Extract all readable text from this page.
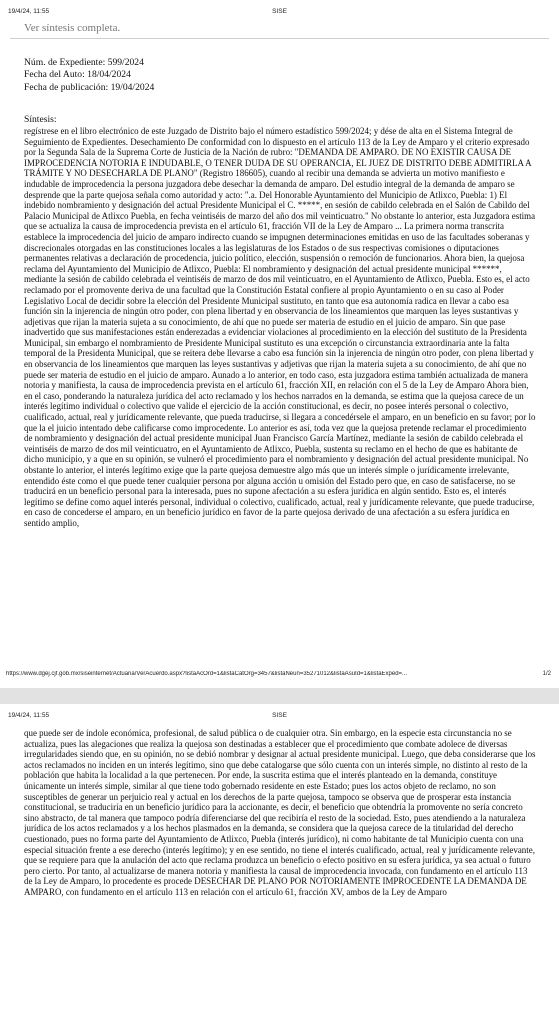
19/4/24, 11:55	SISE
Ver síntesis completa.
Núm. de Expediente: 599/2024
Fecha del Auto: 18/04/2024
Fecha de publicación: 19/04/2024
Síntesis:
regístrese en el libro electrónico de este Juzgado de Distrito bajo el número estadístico 599/2024; y dése de alta en el Sistema Integral de Seguimiento de Expedientes. Desechamiento De conformidad con lo dispuesto en el artículo 113 de la Ley de Amparo y el criterio expresado por la Segunda Sala de la Suprema Corte de Justicia de la Nación de rubro: "DEMANDA DE AMPARO. DE NO EXISTIR CAUSA DE IMPROCEDENCIA NOTORIA E INDUDABLE, O TENER DUDA DE SU OPERANCIA, EL JUEZ DE DISTRITO DEBE ADMITIRLA A TRÁMITE Y NO DESECHARLA DE PLANO" (Registro 186605), cuando al recibir una demanda se advierta un motivo manifiesto e indudable de improcedencia la persona juzgadora debe desechar la demanda de amparo. Del estudio integral de la demanda de amparo se desprende que la parte quejosa señala como autoridad y acto: ".a. Del Honorable Ayuntamiento del Municipio de Atlixco, Puebla: 1) El indebido nombramiento y designación del actual Presidente Municipal el C. *****, en sesión de cabildo celebrada en el Salón de Cabildo del Palacio Municipal de Atlixco Puebla, en fecha veintiséis de marzo del año dos mil veinticuatro." No obstante lo anterior, esta Juzgadora estima que se actualiza la causa de improcedencia prevista en el artículo 61, fracción VII de la Ley de Amparo ... La primera norma transcrita establece la improcedencia del juicio de amparo indirecto cuando se impugnen determinaciones emitidas en uso de las facultades soberanas y discrecionales otorgadas en las constituciones locales a las legislaturas de los Estados o de sus respectivas comisiones o diputaciones permanentes relativas a declaración de procedencia, juicio político, elección, suspensión o remoción de funcionarios. Ahora bien, la quejosa reclama del Ayuntamiento del Municipio de Atlixco, Puebla: El nombramiento y designación del actual presidente municipal ******, mediante la sesión de cabildo celebrada el veintiséis de marzo de dos mil veinticuatro, en el Ayuntamiento de Atlixco, Puebla. Esto es, el acto reclamado por el promovente deriva de una facultad que la Constitución Estatal confiere al propio Ayuntamiento o en su caso al Poder Legislativo Local de decidir sobre la elección del Presidente Municipal sustituto, en tanto que esa autonomía radica en llevar a cabo esa función sin la injerencia de ningún otro poder, con plena libertad y en observancia de los lineamientos que marquen las leyes sustantivas y adjetivas que rijan la materia sujeta a su conocimiento, de ahí que no puede ser materia de estudio en el juicio de amparo. Sin que pase inadvertido que sus manifestaciones están enderezadas a evidenciar violaciones al procedimiento en la elección del sustituto de la Presidenta Municipal, sin embargo el nombramiento de Presidente Municipal sustituto es una excepción o circunstancia extraordinaria ante la falta temporal de la Presidenta Municipal, que se reitera debe llevarse a cabo esa función sin la injerencia de ningún otro poder, con plena libertad y en observancia de los lineamientos que marquen las leyes sustantivas y adjetivas que rijan la materia sujeta a su conocimiento, de ahí que no puede ser materia de estudio en el juicio de amparo. Aunado a lo anterior, en todo caso, esta juzgadora estima también actualizada de manera notoria y manifiesta, la causa de improcedencia prevista en el artículo 61, fracción XII, en relación con el 5 de la Ley de Amparo Ahora bien, en el caso, ponderando la naturaleza jurídica del acto reclamado y los hechos narrados en la demanda, se estima que la quejosa carece de un interés legítimo individual o colectivo que valide el ejercicio de la acción constitucional, es decir, no posee interés personal o colectivo, cualificado, actual, real y jurídicamente relevante, que pueda traducirse, si llegara a concedérsele el amparo, en un beneficio en su favor; por lo que la el juicio intentado debe calificarse como improcedente. Lo anterior es así, toda vez que la quejosa pretende reclamar el procedimiento de nombramiento y designación del actual presidente municipal Juan Francisco García Martínez, mediante la sesión de cabildo celebrada el veintiséis de marzo de dos mil veinticuatro, en el Ayuntamiento de Atlixco, Puebla, sustenta su reclamo en el hecho de que es habitante de dicho municipio, y a que en su opinión, se vulneró el procedimiento para el nombramiento y designación del actual presidente municipal. No obstante lo anterior, el interés legítimo exige que la parte quejosa demuestre algo más que un interés simple o jurídicamente irrelevante, entendido éste como el que puede tener cualquier persona por alguna acción u omisión del Estado pero que, en caso de satisfacerse, no se traducirá en un beneficio personal para la interesada, pues no supone afectación a su esfera jurídica en algún sentido. Esto es, el interés legítimo se define como aquel interés personal, individual o colectivo, cualificado, actual, real y jurídicamente relevante, que puede traducirse, en caso de concederse el amparo, en un beneficio jurídico en favor de la parte quejosa derivado de una afectación a su esfera jurídica en sentido amplio,
https://www.dgej.cjf.gob.mx/siseinternet/Actuaria/VerAcuerdo.aspx?listaAcOrd=1&listaCatOrg=3457&listaNeun=35271012&listaAsuId=1&listaExped=...	1/2
19/4/24, 11:55	SISE
que puede ser de índole económica, profesional, de salud pública o de cualquier otra. Sin embargo, en la especie esta circunstancia no se actualiza, pues las alegaciones que realiza la quejosa son destinadas a establecer que el procedimiento que combate adolece de diversas irregularidades siendo que, en su opinión, no se debió nombrar y designar al actual presidente municipal. Luego, que deba considerarse que los actos reclamados no inciden en un interés legítimo, sino que debe catalogarse que sólo cuenta con un interés simple, no distinto al resto de la población que habita la localidad a la que pertenecen. Por ende, la suscrita estima que el interés planteado en la demanda, constituye únicamente un interés simple, similar al que tiene todo gobernado residente en este Estado; pues los actos objeto de reclamo, no son susceptibles de generar un perjuicio real y actual en los derechos de la parte quejosa, tampoco se observa que de prosperar esta instancia constitucional, se traduciría en un beneficio jurídico para la accionante, es decir, el beneficio que obtendría la promovente no sería concreto sino abstracto, de tal manera que tampoco podría diferenciarse del que recibiría el resto de la sociedad. Esto, pues atendiendo a la naturaleza jurídica de los actos reclamados y a los hechos plasmados en la demanda, se considera que la quejosa carece de la titularidad del derecho cuestionado, pues no forma parte del Ayuntamiento de Atlixco, Puebla (interés jurídico), ni como habitante de tal Municipio cuenta con una especial situación frente a ese derecho (interés legítimo); y en ese sentido, no tiene el interés cualificado, actual, real y jurídicamente relevante, que se requiere para que la anulación del acto que reclama produzca un beneficio o efecto positivo en su esfera jurídica, ya sea actual o futuro pero cierto. Por tanto, al actualizarse de manera notoria y manifiesta la causal de improcedencia invocada, con fundamento en el artículo 113 de la Ley de Amparo, lo procedente es procede DESECHAR DE PLANO POR NOTORIAMENTE IMPROCEDENTE LA DEMANDA DE AMPARO, con fundamento en el artículo 113 en relación con el artículo 61, fracción XV, ambos de la Ley de Amparo
